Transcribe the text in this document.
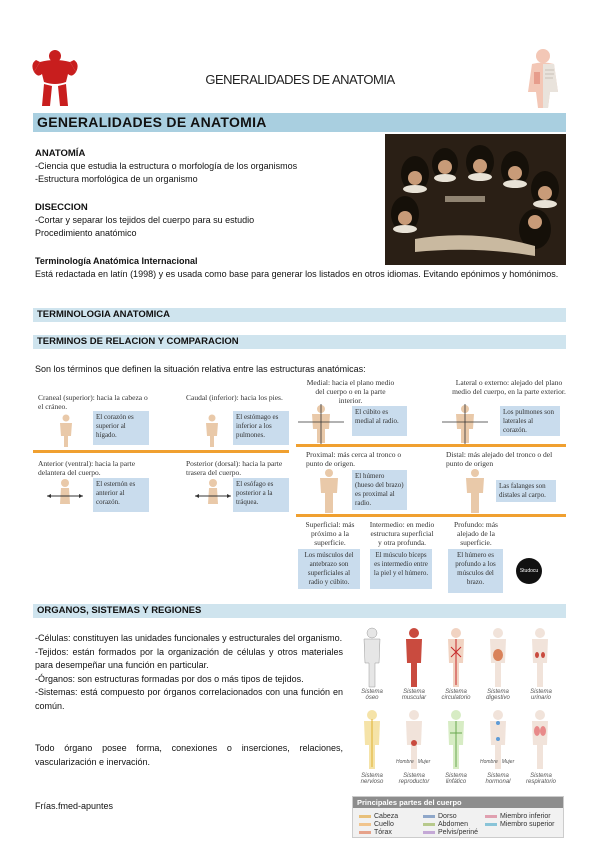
GENERALIDADES DE ANATOMIA
GENERALIDADES DE ANATOMIA
ANATOMÍA
-Ciencia que estudia la estructura o morfología de los organismos
-Estructura morfológica de un organismo
DISECCION
-Cortar y separar los tejidos del cuerpo para su estudio
Procedimiento anatómico
Terminología Anatómica Internacional
Está redactada en latín (1998) y es usada como base para generar los listados en otros idiomas. Evitando epónimos y homónimos.
TERMINOLOGIA ANATOMICA
TERMINOS DE RELACION Y COMPARACION
Son los términos que definen la situación relativa entre las estructuras anatómicas:
Craneal (superior): hacia la cabeza o el cráneo.
El corazón es superior al hígado.
Caudal (inferior): hacia los pies.
El estómago es inferior a los pulmones.
Anterior (ventral): hacia la parte delantera del cuerpo.
El esternón es anterior al corazón.
Posterior (dorsal): hacia la parte trasera del cuerpo.
El esófago es posterior a la tráquea.
Medial: hacia el plano medio del cuerpo o en la parte interior.
El cúbito es medial al radio.
Lateral o externo: alejado del plano medio del cuerpo, en la parte exterior.
Los pulmones son laterales al corazón.
Proximal: más cerca al tronco o punto de origen.
El húmero (hueso del brazo) es proximal al radio.
Distal: más alejado del tronco o del punto de origen
Las falanges son distales al carpo.
Superficial: más próximo a la superficie.
Los músculos del antebrazo son superficiales al radio y cúbito.
Intermedio: en medio estructura superficial y otra profunda.
El músculo bíceps es intermedio entre la piel y el húmero.
Profundo: más alejado de la superficie.
El húmero es profundo a los músculos del brazo.
Studocu
ORGANOS, SISTEMAS Y REGIONES
-Células: constituyen las unidades funcionales y estructurales del organismo.
-Tejidos: están formados por la organización de células y otros materiales para desempeñar una función en particular.
-Órganos: son estructuras formadas por dos o más tipos de tejidos.
-Sistemas: está compuesto por órganos correlacionados con una función en común.
Todo órgano posee forma, conexiones o inserciones, relaciones, vascularización e inervación.
Frías.fmed-apuntes
Sistema óseo
Sistema muscular
Sistema circulatorio
Sistema digestivo
Sistema urinario
Hombre Mujer	Hombre Mujer
Sistema nervioso
Sistema reproductor
Sistema linfático
Sistema hormonal
Sistema respiratorio
Principales partes del cuerpo
Cabeza	Dorso	Miembro inferior
Cuello	Abdomen	Miembro superior
Tórax	Pelvis/periné
